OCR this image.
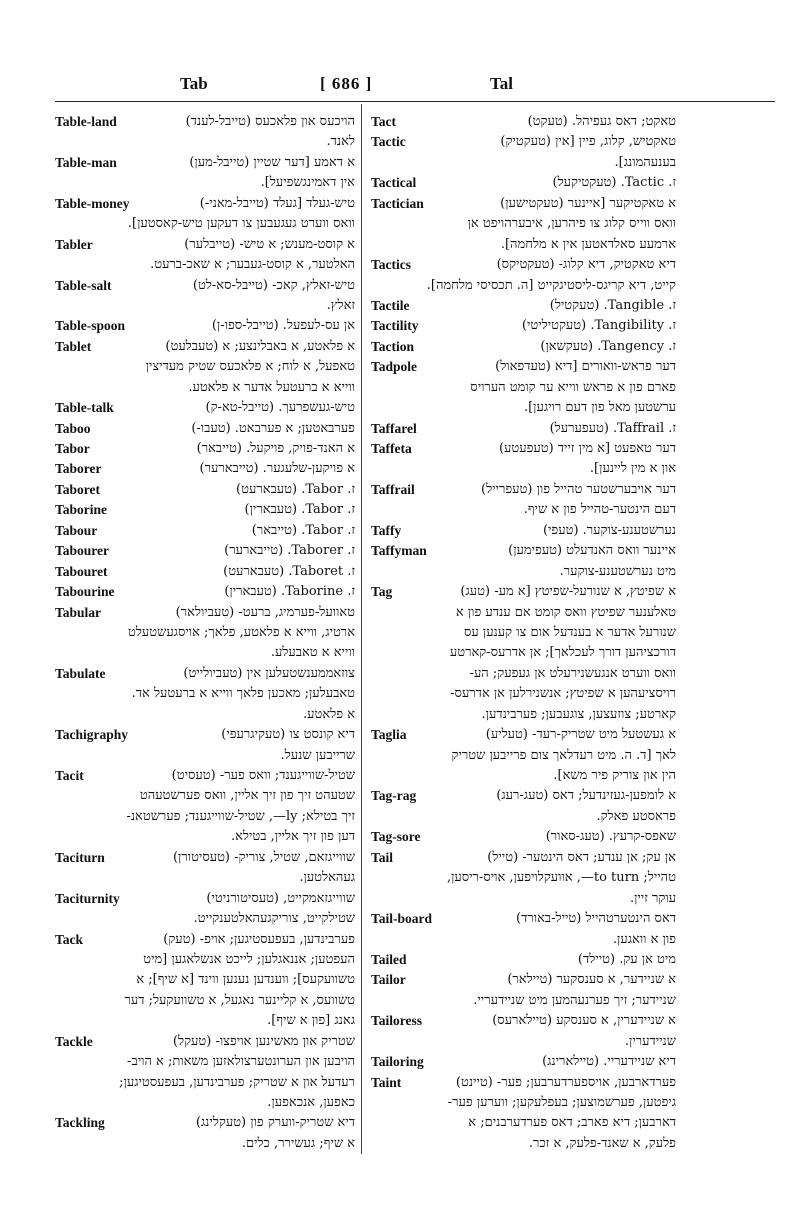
Tab	[ 686 ]	Tal
Table-land	הויכעס און פלאכעס (טייבל-לענד)
לאנד.
Table-man	א דאמע [דער שטיין (טייבל-מען)
אין דאמינגשפיעל].
Table-money	טיש-געלד [געלד (טייבל-מאני-)
וואס ווערט געגעבען צו דעקען טיש-קאסטען].
Tabler	א קוסט-מענש; א טיש- (טייבלער)
האלטער, א קוסט-געבער; א שאכ-ברעט.
Table-salt	טיש-זאלץ, קאכ- (טייבל-סא-לט)
זאלץ.
Table-spoon	אן עס-לעפעל. (טייבל-ספו-ן)
Tablet	א פלאטע, א באבלינצע; א (טעבלעט)
טאפעל, א לוח; א פלאכעס שטיק מעדיצין
ווייא א ברעטעל אדער א פלאטע.
Table-talk	טיש-געשפרעך. (טייבל-טא-ק)
Taboo	פערבאטען; א פערבאט. (טעבו-)
Tabor	א האנד-פויק, פויקעל. (טייבאר)
Taborer	א פויקען-שלעגער. (טייבארער)
Taboret	ז. Tabor. (טעבארעט)
Taborine	ז. Tabor. (טעבארין)
Tabour	ז. Tabor. (טייבאר)
Tabourer	ז. Taborer. (טייבארער)
Tabouret	ז. Taboret. (טעבארעט)
Tabourine	ז. Taborine. (טעבארין)
Tabular	טאוועל-פערמיג, ברעט- (טעביולאר)
ארטיג, ווייא א פלאטע, פלאך; אויסגעשטעלט
ווייא א טאבעלע.
Tabulate	צוזאממענשטעלען אין (טעביולייט)
טאבעלען; מאכען פלאך ווייא א ברעטעל אד.
א פלאטע.
Tachigraphy	דיא קונסט צו (טעקיגרעפי)
שרייבען שנעל.
Tacit	שטיל-שווייגענד; וואס פער- (טעסיט)
שטעהט זיך פון זיך אליין, וואס פערשטעהט
זיך בטילא; ly—, שטיל-שווייגענד; פערשטאנ-
דען פון זיך אליין, בטילא.
Taciturn	שווייגזאם, שטיל, צוריק- (טעסיטורן)
געהאלטען.
Taciturnity	שווייגזאמקייט, (טעסיטורניטי)
שטילקייט, צוריקגעהאלטענקייט.
Tack	פערבינדען, בעפעסטיגען; אויפ- (טעק)
העפטען; אננאגלען; לייכט אנשלאגען [מיט
טשוועקעס]; ווענדען נענען ווינד [א שיף]; א
טשוועס, א קליינער נאגעל, א טשוועקעל; דער
גאנג [פון א שיף].
Tackle	שטריק און מאשינען אויפצו- (טעקל)
הויבען און הערונטערצולאזען משאות; א הויב-
רעדעל און א שטריק; פערבינדען, בעפעסטיגען;
כאפען, אנכאפען.
Tackling	דיא שטריק-ווערק פון (טעקלינג)
א שיף; געשירר, כלים.
Tact	טאקט; דאס געפיהל. (טעקט)
Tactic	טאקטיש, קלוג, פיין [אין (טעקטיק)
בענעהמונג].
Tactical	ז. Tactic. (טעקטיקעל)
Tactician	א טאקטיקער [איינער (טעקטישען)
וואס ווייס קלוג צו פיהרען, איבערהויפט אן
ארמעע סאלדאטען אין א מלחמה].
Tactics	דיא טאקטיק, דיא קלוג- (טעקטיקס)
קייט, דיא קריגס-ליסטיגקייט [ה. תכסיסי מלחמה].
Tactile	ז. Tangible. (טעקטיל)
Tactility	ז. Tangibility. (טעקטיליטי)
Taction	ז. Tangency. (טעקשאן)
Tadpole	דער פראש-וואורים [דיא (טעדפאול)
פארם פון א פראש ווייא ער קומט הערויס
ערשטען מאל פון דעם רויגען].
Taffarel	ז. Taffrail. (טעפערעל)
Taffeta	דער טאפעט [א מין זייד (טעפעטע)
און א מין ליינען].
Taffrail	דער אויבערשטער טהייל פון (טעפרייל)
דעם הינטער-טהייל פון א שיף.
Taffy	נערשטענע-צוקער. (טעפי)
Taffyman	איינער וואס האנדעלט (טעפימען)
מיט נערשטענע-צוקער.
Tag	א שפיטץ, א שנורעל-שפיטץ [א מע- (טעג)
טאלענער שפיטץ וואס קומט אם ענדע פון א
שנורעל אדער א בענדעל אום צו קענען עס
דורכציהען דורך לעכלאך]; אן אדרעס-קארטע
וואס ווערט אנגעשנירעלט אן געפעק; הע-
רויסציעהען א שפיטץ; אנשנירלען אן אדרעס-
קארטע; צוזעצען, צוגעבען; פערבינדען.
Taglia	א געשטעל מיט שטריק-רעד- (טעליע)
לאך [ד. ה. מיט רעדלאך צום פרייבען שטריק
הין און צוריק פיר משא].
Tag-rag	א לומפען-געזינדעל; דאס (טעג-רעג)
פראסטע פאלק.
Tag-sore	שאפס-קרעץ. (טעג-סאור)
Tail	אן עק; אן ענדע; דאס הינטער- (טייל)
טהייל; to turn—, אוועקלויפען, אויס-ריסען,
עוקר זיין.
Tail-board	דאס הינטערטהייל (טייל-באורד)
פון א וואגען.
Tailed	מיט אן עק. (טיילד)
Tailor	א שניידער, א סענסקער (טיילאר)
שניידער; זיך פערנעהמען מיט שניידעריי.
Tailoress	א שניידערין, א סענסקע (טיילארעס)
שניידערין.
Tailoring	דיא שניידעריי. (טיילארינג)
Taint	פערדארבען, אויספערדערבען; פער- (טיינט)
גיפטען, פערשמוצען; בעפלעקען; ווערען פער-
דארבען; דיא פארב; דאס פערדערבנים; א
פלעק, א שאנד-פלעק, א זכר.
